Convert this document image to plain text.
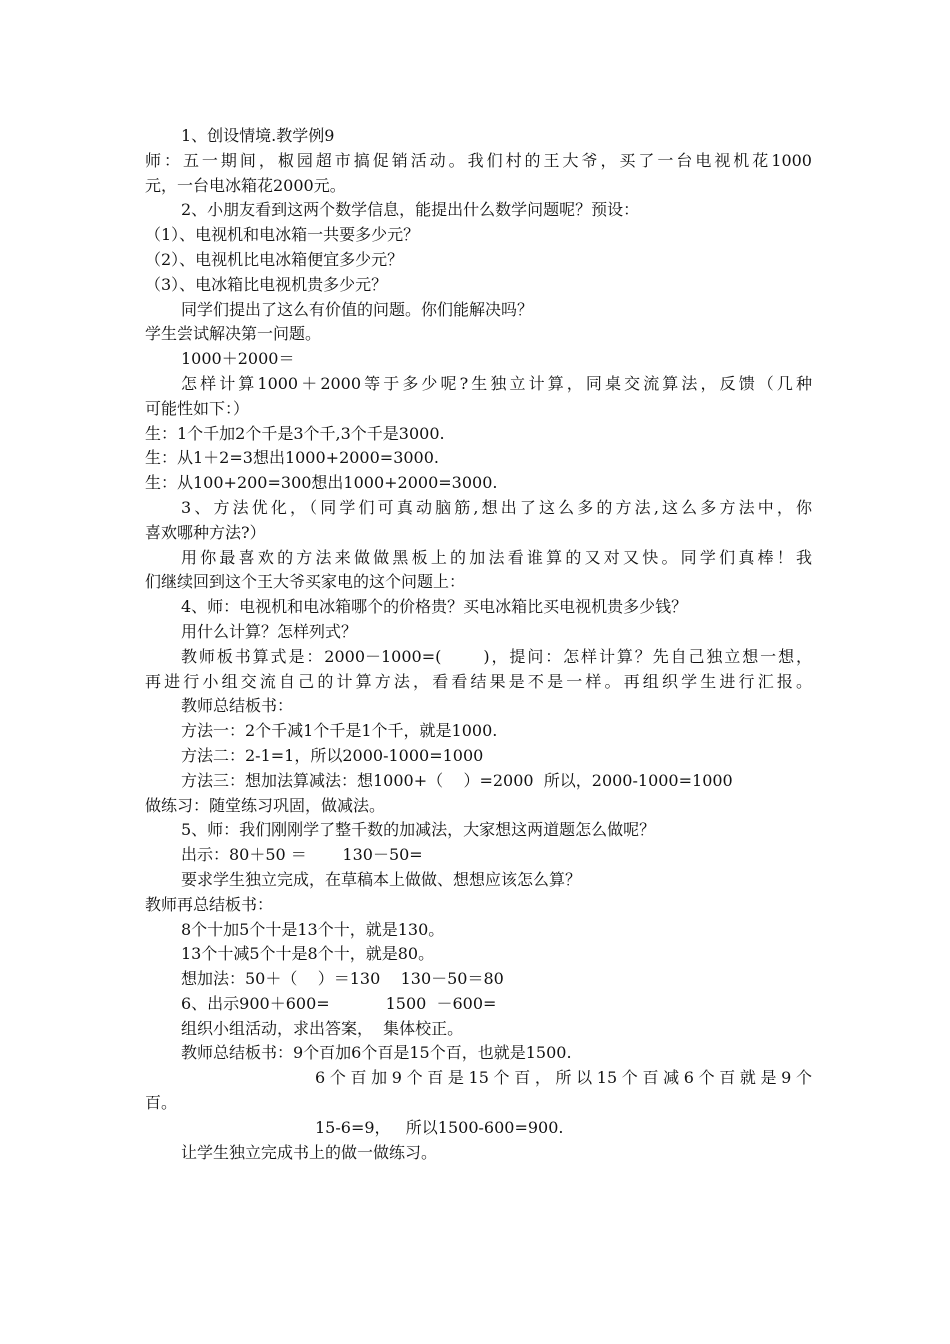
1、创设情境.教学例9
师：五一期间，椒园超市搞促销活动。我们村的王大爷，买了一台电视机花1000
元，一台电冰箱花2000元。
2、小朋友看到这两个数学信息，能提出什么数学问题呢？预设：
（1）、电视机和电冰箱一共要多少元？
（2）、电视机比电冰箱便宜多少元？
（3）、电冰箱比电视机贵多少元？
同学们提出了这么有价值的问题。你们能解决吗？
学生尝试解决第一问题。
1000＋2000＝
怎样计算1000＋2000等于多少呢?生独立计算，同桌交流算法，反馈（几种
可能性如下：）
生：1个千加2个千是3个千,3个千是3000.
生：从1＋2=3想出1000+2000=3000.
生：从100+200=300想出1000+2000=3000.
3、方法优化，（同学们可真动脑筋,想出了这么多的方法,这么多方法中，你
喜欢哪种方法?）
用你最喜欢的方法来做做黑板上的加法看谁算的又对又快。同学们真棒！我
们继续回到这个王大爷买家电的这个问题上：
4、师：电视机和电冰箱哪个的价格贵？买电冰箱比买电视机贵多少钱？
用什么计算？怎样列式？
教师板书算式是：2000－1000=(      )，提问：怎样计算？先自己独立想一想，
再进行小组交流自己的计算方法，看看结果是不是一样。再组织学生进行汇报。
教师总结板书：
方法一：2个千减1个千是1个千，就是1000.
方法二：2-1=1，所以2000-1000=1000
方法三：想加法算减法：想1000+（    ）=2000  所以，2000-1000=1000
做练习：随堂练习巩固，做减法。
5、师：我们刚刚学了整千数的加减法，大家想这两道题怎么做呢？
出示：80＋50 ＝       130－50=
要求学生独立完成，在草稿本上做做、想想应该怎么算？
教师再总结板书：
8个十加5个十是13个十，就是130。
13个十减5个十是8个十，就是80。
想加法：50＋（    ）＝130    130－50＝80
6、出示900＋600=           1500  －600=
组织小组活动，求出答案，  集体校正。
教师总结板书：9个百加6个百是15个百，也就是1500.
6个百加9个百是15个百，所以15个百减6个百就是9个
百。
15-6=9，   所以1500-600=900.
让学生独立完成书上的做一做练习。
